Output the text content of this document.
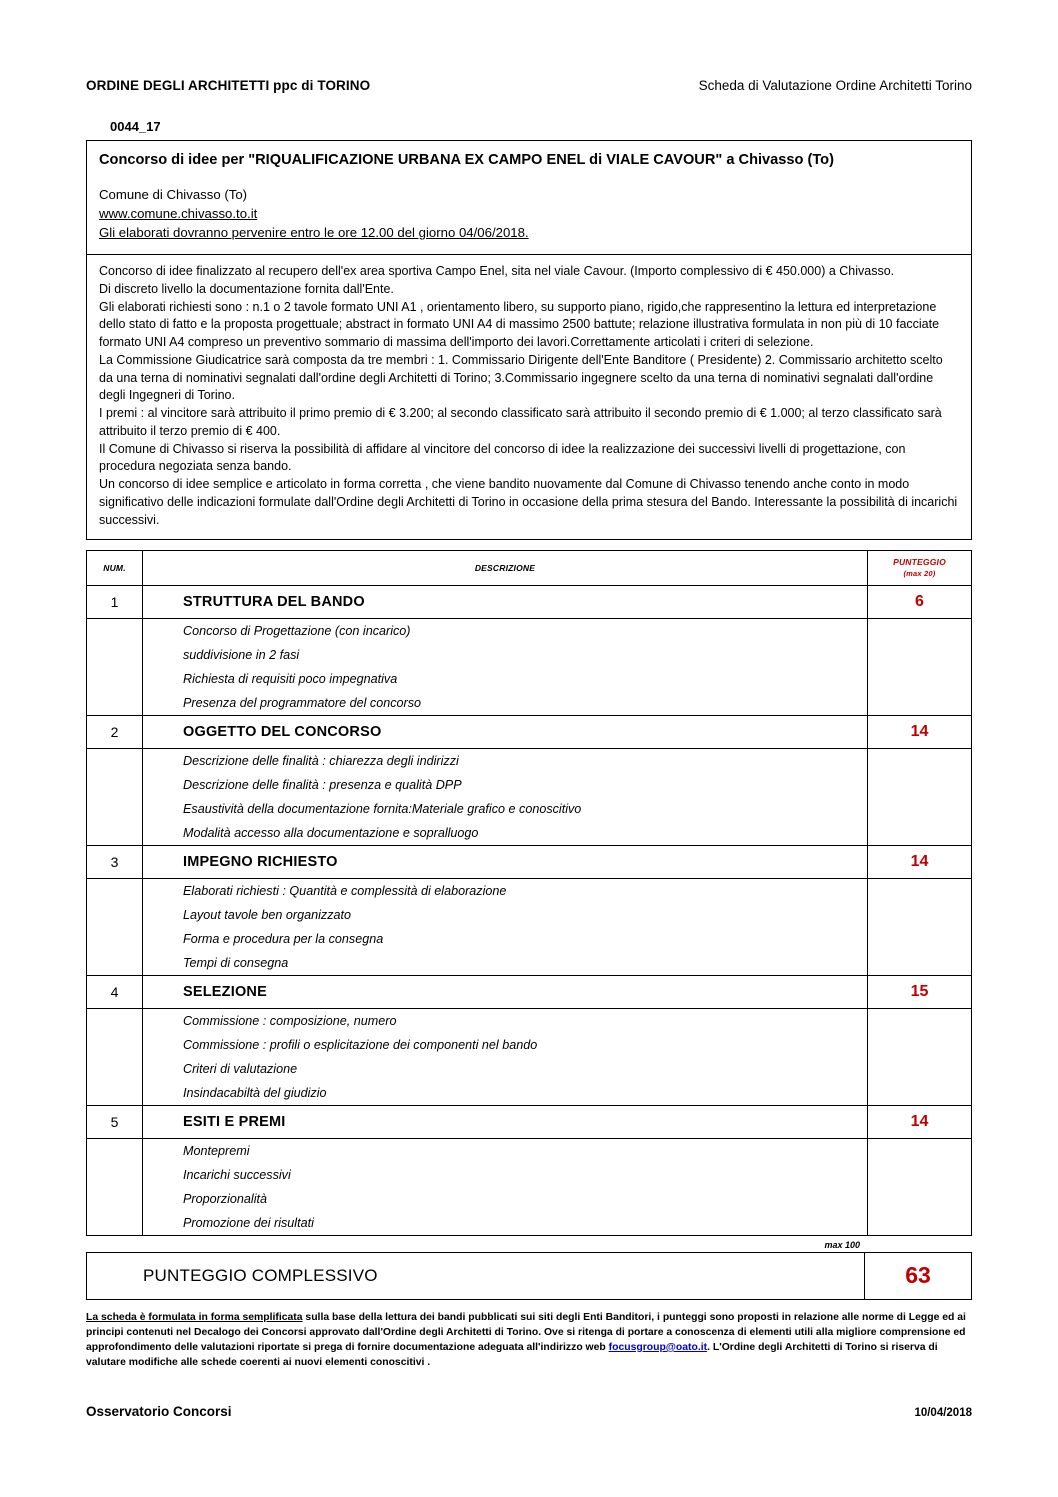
ORDINE DEGLI ARCHITETTI ppc di TORINO	Scheda di Valutazione Ordine Architetti Torino
0044_17
Concorso di idee per "RIQUALIFICAZIONE URBANA EX CAMPO ENEL di VIALE CAVOUR" a Chivasso (To)
Comune di Chivasso (To)
www.comune.chivasso.to.it
Gli elaborati dovranno pervenire entro le ore 12.00 del giorno 04/06/2018.

Concorso di idee finalizzato al recupero dell'ex area sportiva Campo Enel, sita nel viale Cavour. (Importo complessivo di € 450.000) a Chivasso.

Di discreto livello la documentazione fornita dall'Ente.

Gli elaborati richiesti sono : n.1 o 2 tavole formato UNI A1 , orientamento libero, su supporto piano, rigido,che rappresentino la lettura ed interpretazione dello stato di fatto e la proposta progettuale; abstract in formato UNI A4 di massimo 2500 battute; relazione illustrativa formulata in non più di 10 facciate formato UNI A4 compreso un preventivo sommario di massima dell'importo dei lavori.Correttamente articolati i criteri di selezione.

La Commissione Giudicatrice sarà composta da tre membri : 1. Commissario Dirigente dell'Ente Banditore ( Presidente) 2. Commissario architetto scelto da una terna di nominativi segnalati dall'ordine degli Architetti di Torino; 3.Commissario ingegnere scelto da una terna di nominativi segnalati dall'ordine degli Ingegneri di Torino.

I premi : al vincitore sarà attribuito il primo premio di € 3.200; al secondo classificato sarà attribuito il secondo premio di € 1.000; al terzo classificato sarà attribuito il terzo premio di € 400.

Il Comune di Chivasso si riserva la possibilità di affidare al vincitore del concorso di idee la realizzazione dei successivi livelli di progettazione, con procedura negoziata senza bando.

Un concorso di idee semplice e articolato in forma corretta , che viene bandito nuovamente dal Comune di Chivasso tenendo anche conto in modo significativo delle indicazioni formulate dall'Ordine degli Architetti di Torino in occasione della prima stesura del Bando. Interessante la possibilità di incarichi successivi.

NUM.	DESCRIZIONE	PUNTEGGIO
(max 20)
1	STRUTTURA DEL BANDO	6
	Concorso di Progettazione (con incarico)	
	suddivisione in 2 fasi	
	Richiesta di requisiti poco impegnativa	
	Presenza del programmatore del concorso	
2	OGGETTO DEL CONCORSO	14
	Descrizione delle finalità : chiarezza degli indirizzi	
	Descrizione delle finalità : presenza e qualità DPP	
	Esaustività della documentazione fornita:Materiale grafico e conoscitivo	
	Modalità accesso alla documentazione e sopralluogo	
3	IMPEGNO RICHIESTO	14
	Elaborati richiesti : Quantità e complessità di elaborazione	
	Layout tavole ben organizzato	
	Forma e procedura per la consegna	
	Tempi di consegna	
4	SELEZIONE	15
	Commissione : composizione, numero	
	Commissione : profili o esplicitazione dei componenti nel bando	
	Criteri di valutazione	
	Insindacabiltà del giudizio	
5	ESITI E PREMI	14
	Montepremi	
	Incarichi successivi	
	Proporzionalità	
	Promozione dei risultati	
max 100
PUNTEGGIO COMPLESSIVO	63
La scheda è formulata in forma semplificata sulla base della lettura dei bandi pubblicati sui siti degli Enti Banditori, i punteggi sono proposti in relazione alle norme di Legge ed ai principi contenuti nel Decalogo dei Concorsi approvato dall'Ordine degli Architetti di Torino. Ove si ritenga di portare a conoscenza di elementi utili alla migliore comprensione ed approfondimento delle valutazioni riportate si prega di fornire documentazione adeguata all'indirizzo web focusgroup@oato.it. L'Ordine degli Architetti di Torino si riserva di valutare modifiche alle schede coerenti ai nuovi elementi conoscitivi .
Osservatorio Concorsi	10/04/2018
